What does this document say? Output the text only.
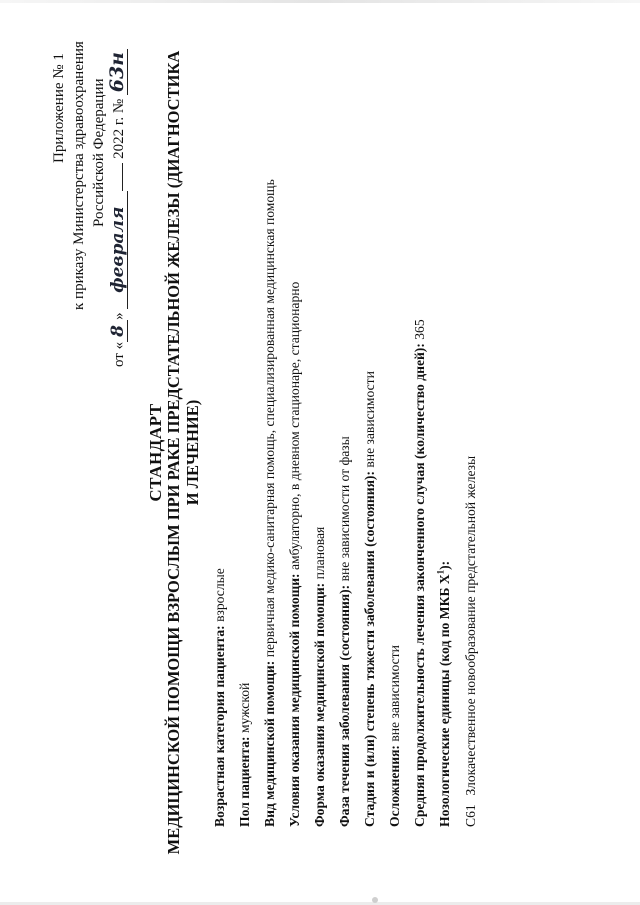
Приложение № 1 к приказу Министерства здравоохранения Российской Федерации
от «8» февраля 2022 г. № 63н
СТАНДАРТ МЕДИЦИНСКОЙ ПОМОЩИ ВЗРОСЛЫМ ПРИ РАКЕ ПРЕДСТАТЕЛЬНОЙ ЖЕЛЕЗЫ (ДИАГНОСТИКА И ЛЕЧЕНИЕ)
Возрастная категория пациента: взрослые
Пол пациента: мужской Вид медицинской помощи: первичная медико-санитарная помощь, специализированная медицинская помощь
Условия оказания медицинской помощи: амбулаторно, в дневном стационаре, стационарно
Форма оказания медицинской помощи: плановая
Фаза течения заболевания (состояния): вне зависимости от фазы Стадия и (или) степень тяжести заболевания (состояния): вне зависимости
Осложнения: вне зависимости Средняя продолжительность лечения законченного случая (количество дней): 365
Нозологические единицы (код по МКБ $X^1$):
C61 Злокачественное новообразование предстательной железы
